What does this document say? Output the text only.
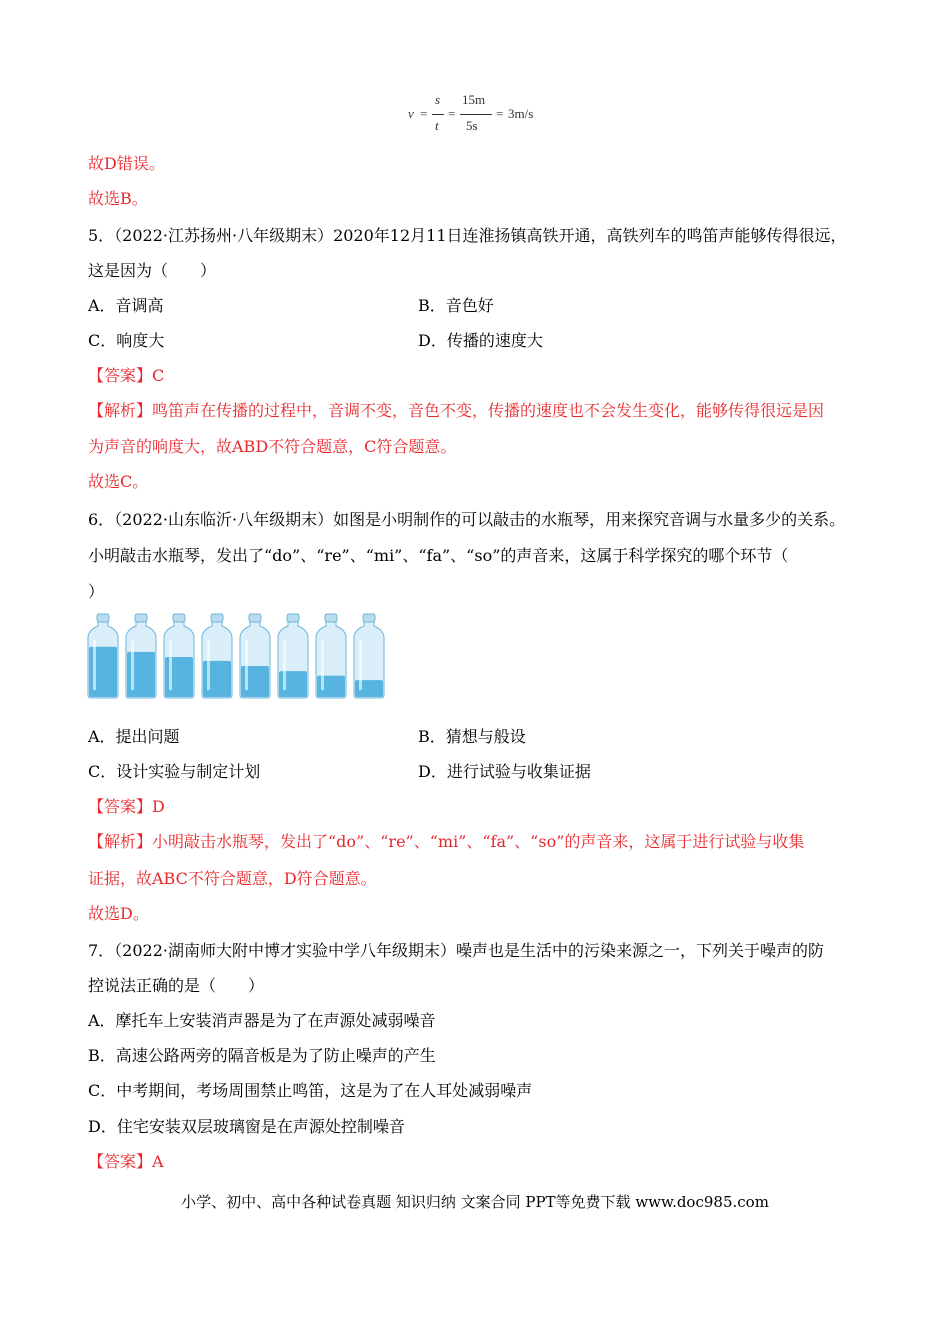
v =
s
t
=
15m
5s
= 3m/s
故D错误。
故选B。
5．（2022·江苏扬州·八年级期末）2020年12月11日连淮扬镇高铁开通，高铁列车的鸣笛声能够传得很远，
这是因为（　　）
A．音调高	B．音色好
C．响度大	D．传播的速度大
【答案】C
【解析】鸣笛声在传播的过程中，音调不变，音色不变，传播的速度也不会发生变化，能够传得很远是因
为声音的响度大，故ABD不符合题意，C符合题意。
故选C。
6．（2022·山东临沂·八年级期末）如图是小明制作的可以敲击的水瓶琴，用来探究音调与水量多少的关系。
小明敲击水瓶琴，发出了“do”、“re”、“mi”、“fa”、“so”的声音来，这属于科学探究的哪个环节（
）
A．提出问题	B．猜想与般设
C．设计实验与制定计划	D．进行试验与收集证据
【答案】D
【解析】小明敲击水瓶琴，发出了“do”、“re”、“mi”、“fa”、“so”的声音来，这属于进行试验与收集
证据，故ABC不符合题意，D符合题意。
故选D。
7．（2022·湖南师大附中博才实验中学八年级期末）噪声也是生活中的污染来源之一，下列关于噪声的防
控说法正确的是（　　）
A．摩托车上安装消声器是为了在声源处减弱噪音
B．高速公路两旁的隔音板是为了防止噪声的产生
C．中考期间，考场周围禁止鸣笛，这是为了在人耳处减弱噪声
D．住宅安装双层玻璃窗是在声源处控制噪音
【答案】A
小学、初中、高中各种试卷真题 知识归纳 文案合同 PPT等免费下载 www.doc985.com
